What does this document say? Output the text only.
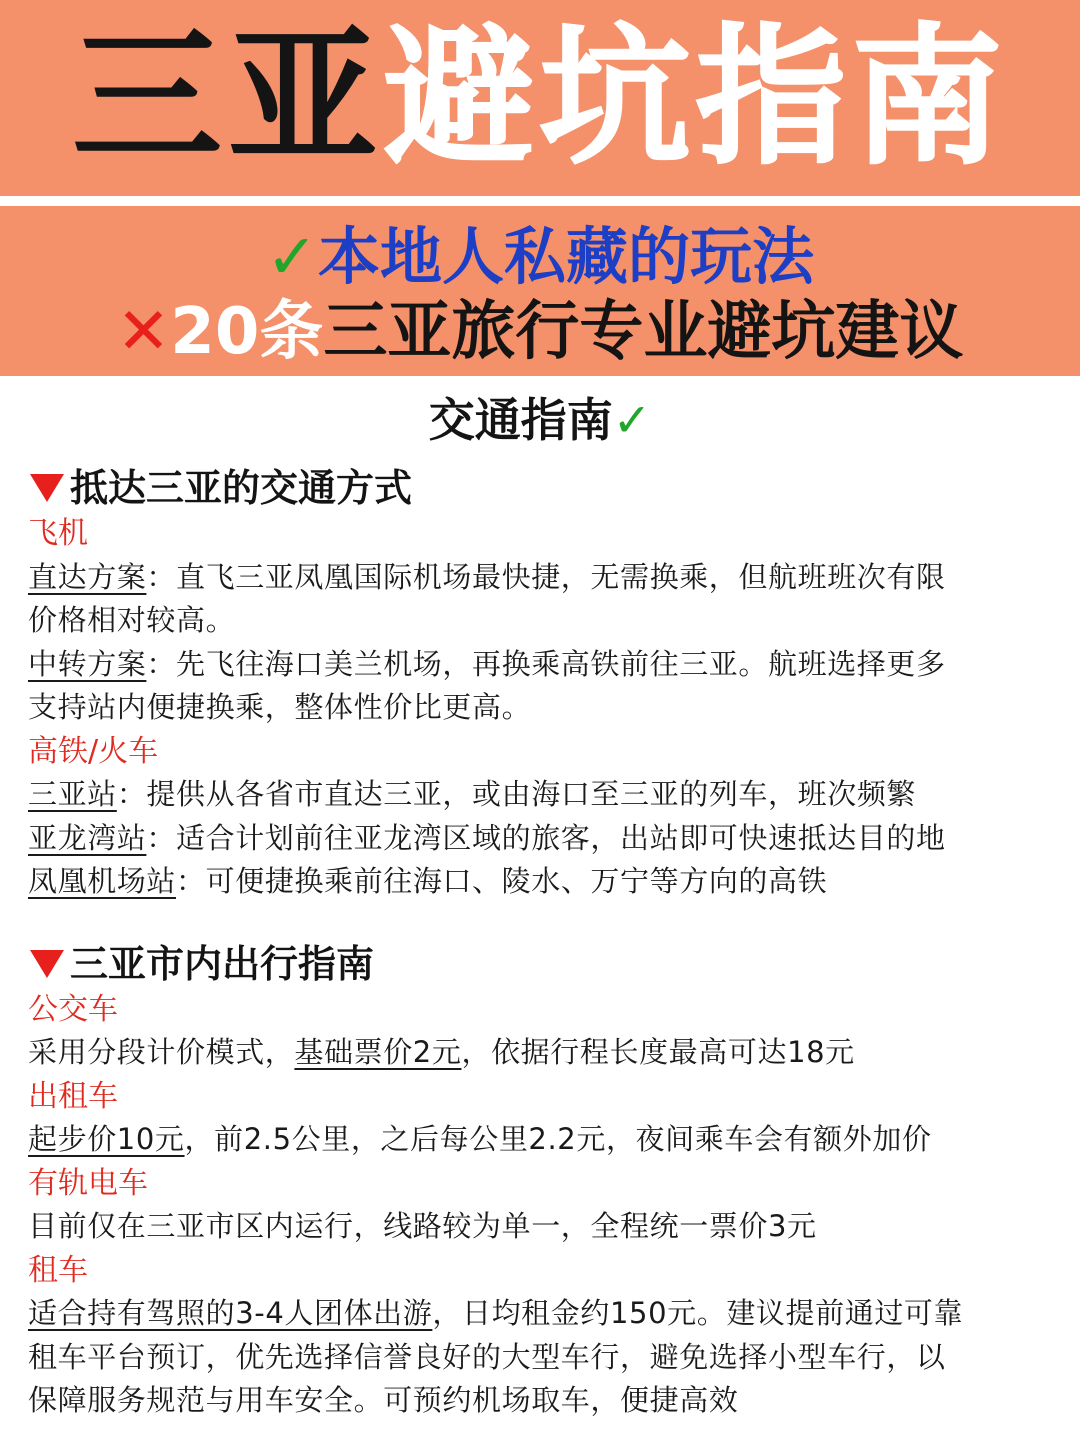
三亚 避坑指南
✓本地人私藏的玩法
✕20条三亚旅行专业避坑建议
交通指南✓
抵达三亚的交通方式
飞机
直达方案：直飞三亚凤凰国际机场最快捷，无需换乘，但航班班次有限
价格相对较高。
中转方案：先飞往海口美兰机场，再换乘高铁前往三亚。航班选择更多
支持站内便捷换乘，整体性价比更高。
高铁/火车
三亚站：提供从各省市直达三亚，或由海口至三亚的列车，班次频繁
亚龙湾站：适合计划前往亚龙湾区域的旅客，出站即可快速抵达目的地
凤凰机场站：可便捷换乘前往海口、陵水、万宁等方向的高铁
三亚市内出行指南
公交车
采用分段计价模式，基础票价2元，依据行程长度最高可达18元
出租车
起步价10元，前2.5公里，之后每公里2.2元，夜间乘车会有额外加价
有轨电车
目前仅在三亚市区内运行，线路较为单一，全程统一票价3元
租车
适合持有驾照的3-4人团体出游，日均租金约150元。建议提前通过可靠
租车平台预订，优先选择信誉良好的大型车行，避免选择小型车行，以
保障服务规范与用车安全。可预约机场取车，便捷高效
